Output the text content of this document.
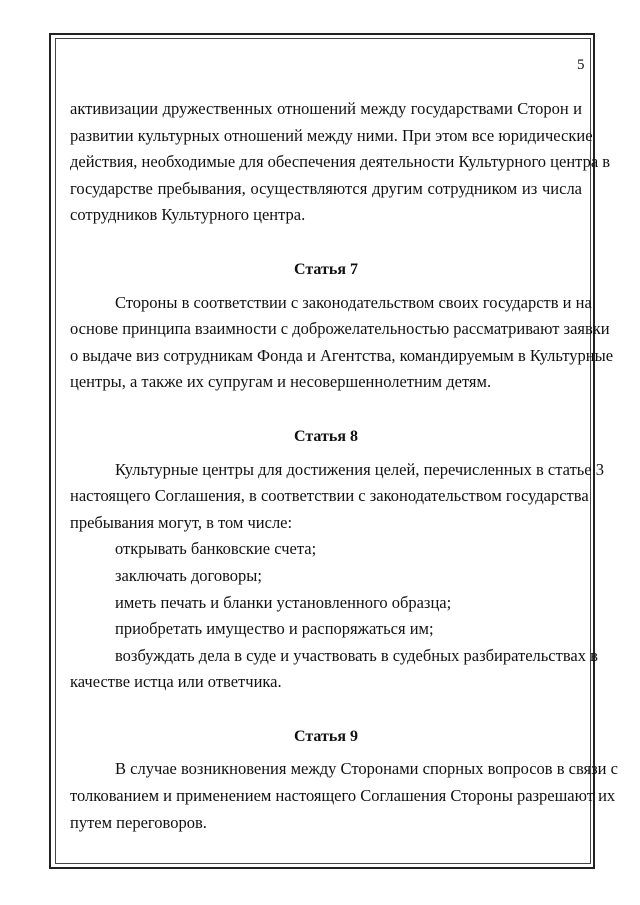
5

активизации дружественных отношений между государствами Сторон и
развитии культурных отношений между ними. При этом все юридические
действия, необходимые для обеспечения деятельности Культурного центра в
государстве пребывания, осуществляются другим сотрудником из числа
сотрудников Культурного центра.

Статья 7

Стороны в соответствии с законодательством своих государств и на
основе принципа взаимности с доброжелательностью рассматривают заявки
о выдаче виз сотрудникам Фонда и Агентства, командируемым в Культурные
центры, а также их супругам и несовершеннолетним детям.

Статья 8

Культурные центры для достижения целей, перечисленных в статье 3
настоящего Соглашения, в соответствии с законодательством государства
пребывания могут, в том числе:

открывать банковские счета;
заключать договоры;
иметь печать и бланки установленного образца;
приобретать имущество и распоряжаться им;

возбуждать дела в суде и участвовать в судебных разбирательствах в
качестве истца или ответчика.

Статья 9

В случае возникновения между Сторонами спорных вопросов в связи с
толкованием и применением настоящего Соглашения Стороны разрешают их
путем переговоров.
